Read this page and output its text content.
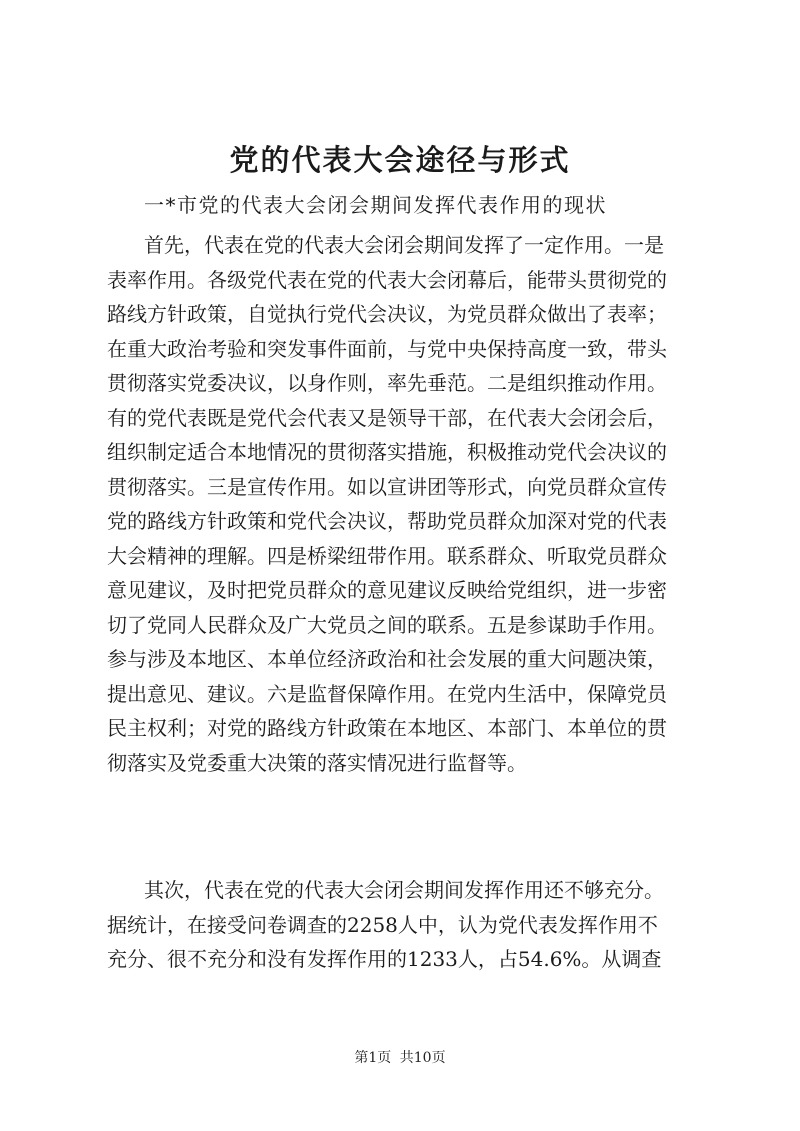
党的代表大会途径与形式
一*市党的代表大会闭会期间发挥代表作用的现状
首先，代表在党的代表大会闭会期间发挥了一定作用。一是
表率作用。各级党代表在党的代表大会闭幕后，能带头贯彻党的
路线方针政策，自觉执行党代会决议，为党员群众做出了表率；
在重大政治考验和突发事件面前，与党中央保持高度一致，带头
贯彻落实党委决议，以身作则，率先垂范。二是组织推动作用。
有的党代表既是党代会代表又是领导干部，在代表大会闭会后，
组织制定适合本地情况的贯彻落实措施，积极推动党代会决议的
贯彻落实。三是宣传作用。如以宣讲团等形式，向党员群众宣传
党的路线方针政策和党代会决议，帮助党员群众加深对党的代表
大会精神的理解。四是桥梁纽带作用。联系群众、听取党员群众
意见建议，及时把党员群众的意见建议反映给党组织，进一步密
切了党同人民群众及广大党员之间的联系。五是参谋助手作用。
参与涉及本地区、本单位经济政治和社会发展的重大问题决策，
提出意见、建议。六是监督保障作用。在党内生活中，保障党员
民主权利；对党的路线方针政策在本地区、本部门、本单位的贯
彻落实及党委重大决策的落实情况进行监督等。
其次，代表在党的代表大会闭会期间发挥作用还不够充分。
据统计，在接受问卷调查的2258人中，认为党代表发挥作用不
充分、很不充分和没有发挥作用的1233人，占54.6%。从调查
第1页 共10页
